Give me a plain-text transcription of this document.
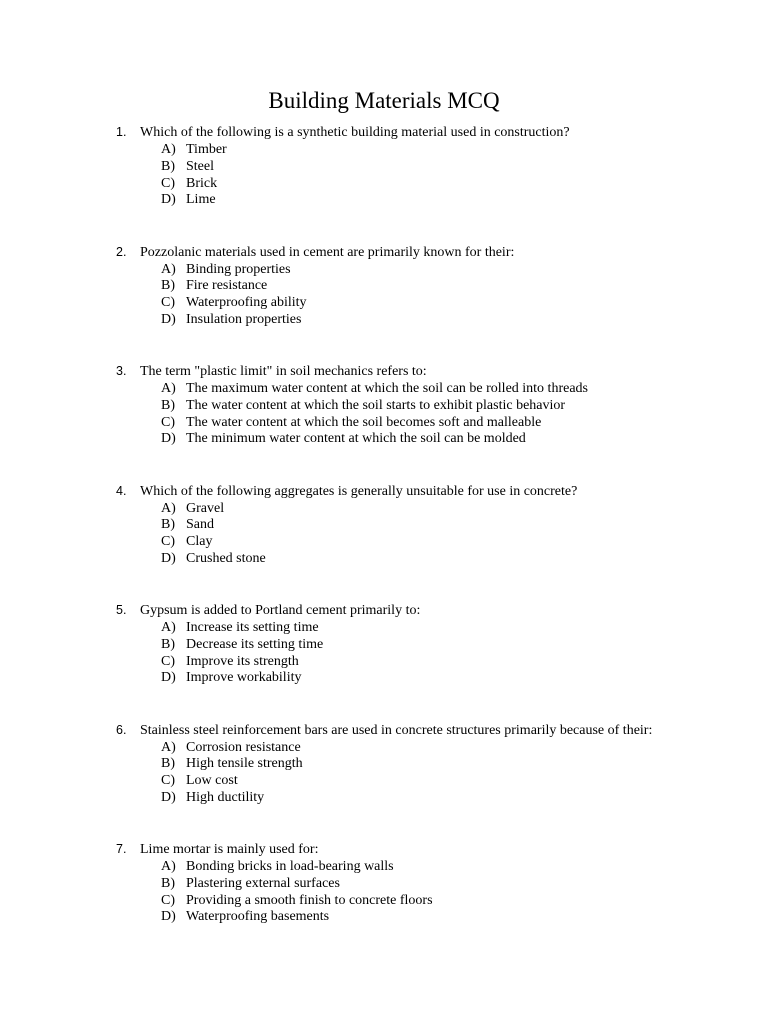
Building Materials MCQ
1. Which of the following is a synthetic building material used in construction?
A) Timber
B) Steel
C) Brick
D) Lime
2. Pozzolanic materials used in cement are primarily known for their:
A) Binding properties
B) Fire resistance
C) Waterproofing ability
D) Insulation properties
3. The term "plastic limit" in soil mechanics refers to:
A) The maximum water content at which the soil can be rolled into threads
B) The water content at which the soil starts to exhibit plastic behavior
C) The water content at which the soil becomes soft and malleable
D) The minimum water content at which the soil can be molded
4. Which of the following aggregates is generally unsuitable for use in concrete?
A) Gravel
B) Sand
C) Clay
D) Crushed stone
5. Gypsum is added to Portland cement primarily to:
A) Increase its setting time
B) Decrease its setting time
C) Improve its strength
D) Improve workability
6. Stainless steel reinforcement bars are used in concrete structures primarily because of their:
A) Corrosion resistance
B) High tensile strength
C) Low cost
D) High ductility
7. Lime mortar is mainly used for:
A) Bonding bricks in load-bearing walls
B) Plastering external surfaces
C) Providing a smooth finish to concrete floors
D) Waterproofing basements
